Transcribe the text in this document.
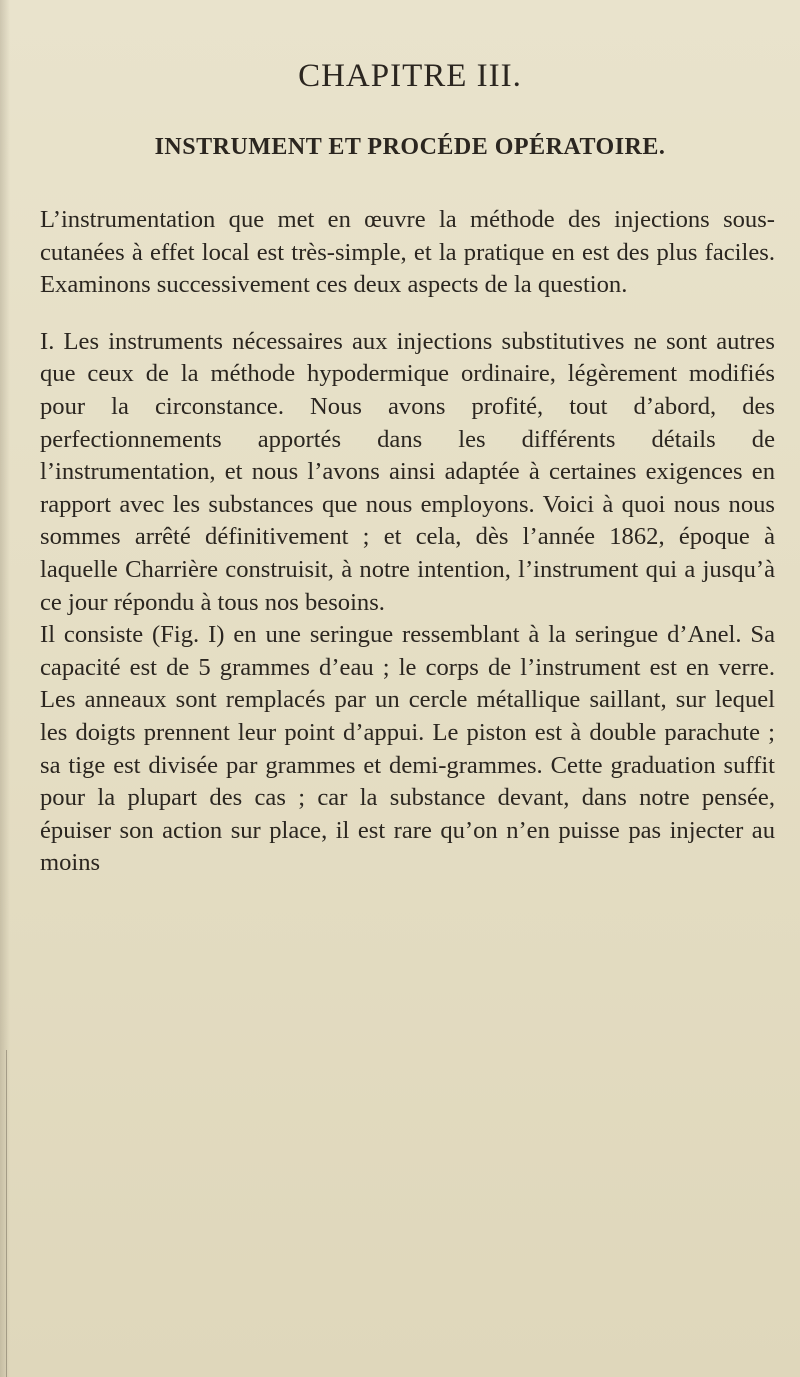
CHAPITRE III.
INSTRUMENT ET PROCÉDE OPÉRATOIRE.

L’instrumentation que met en œuvre la méthode des injections sous-cutanées à effet local est très-simple, et la pratique en est des plus faciles. Examinons successivement ces deux aspects de la question.

I. Les instruments nécessaires aux injections substitutives ne sont autres que ceux de la méthode hypodermique ordinaire, légèrement modifiés pour la circonstance. Nous avons profité, tout d’abord, des perfectionnements apportés dans les différents détails de l’instrumentation, et nous l’avons ainsi adaptée à certaines exigences en rapport avec les substances que nous employons. Voici à quoi nous nous sommes arrêté définitivement ; et cela, dès l’année 1862, époque à laquelle Charrière construisit, à notre intention, l’instrument qui a jusqu’à ce jour répondu à tous nos besoins.

Il consiste (Fig. I) en une seringue ressemblant à la seringue d’Anel. Sa capacité est de 5 grammes d’eau ; le corps de l’instrument est en verre. Les anneaux sont remplacés par un cercle métallique saillant, sur lequel les doigts prennent leur point d’appui. Le piston est à double parachute ; sa tige est divisée par grammes et demi-grammes. Cette graduation suffit pour la plupart des cas ; car la substance devant, dans notre pensée, épuiser son action sur place, il est rare qu’on n’en puisse pas injecter au moins
